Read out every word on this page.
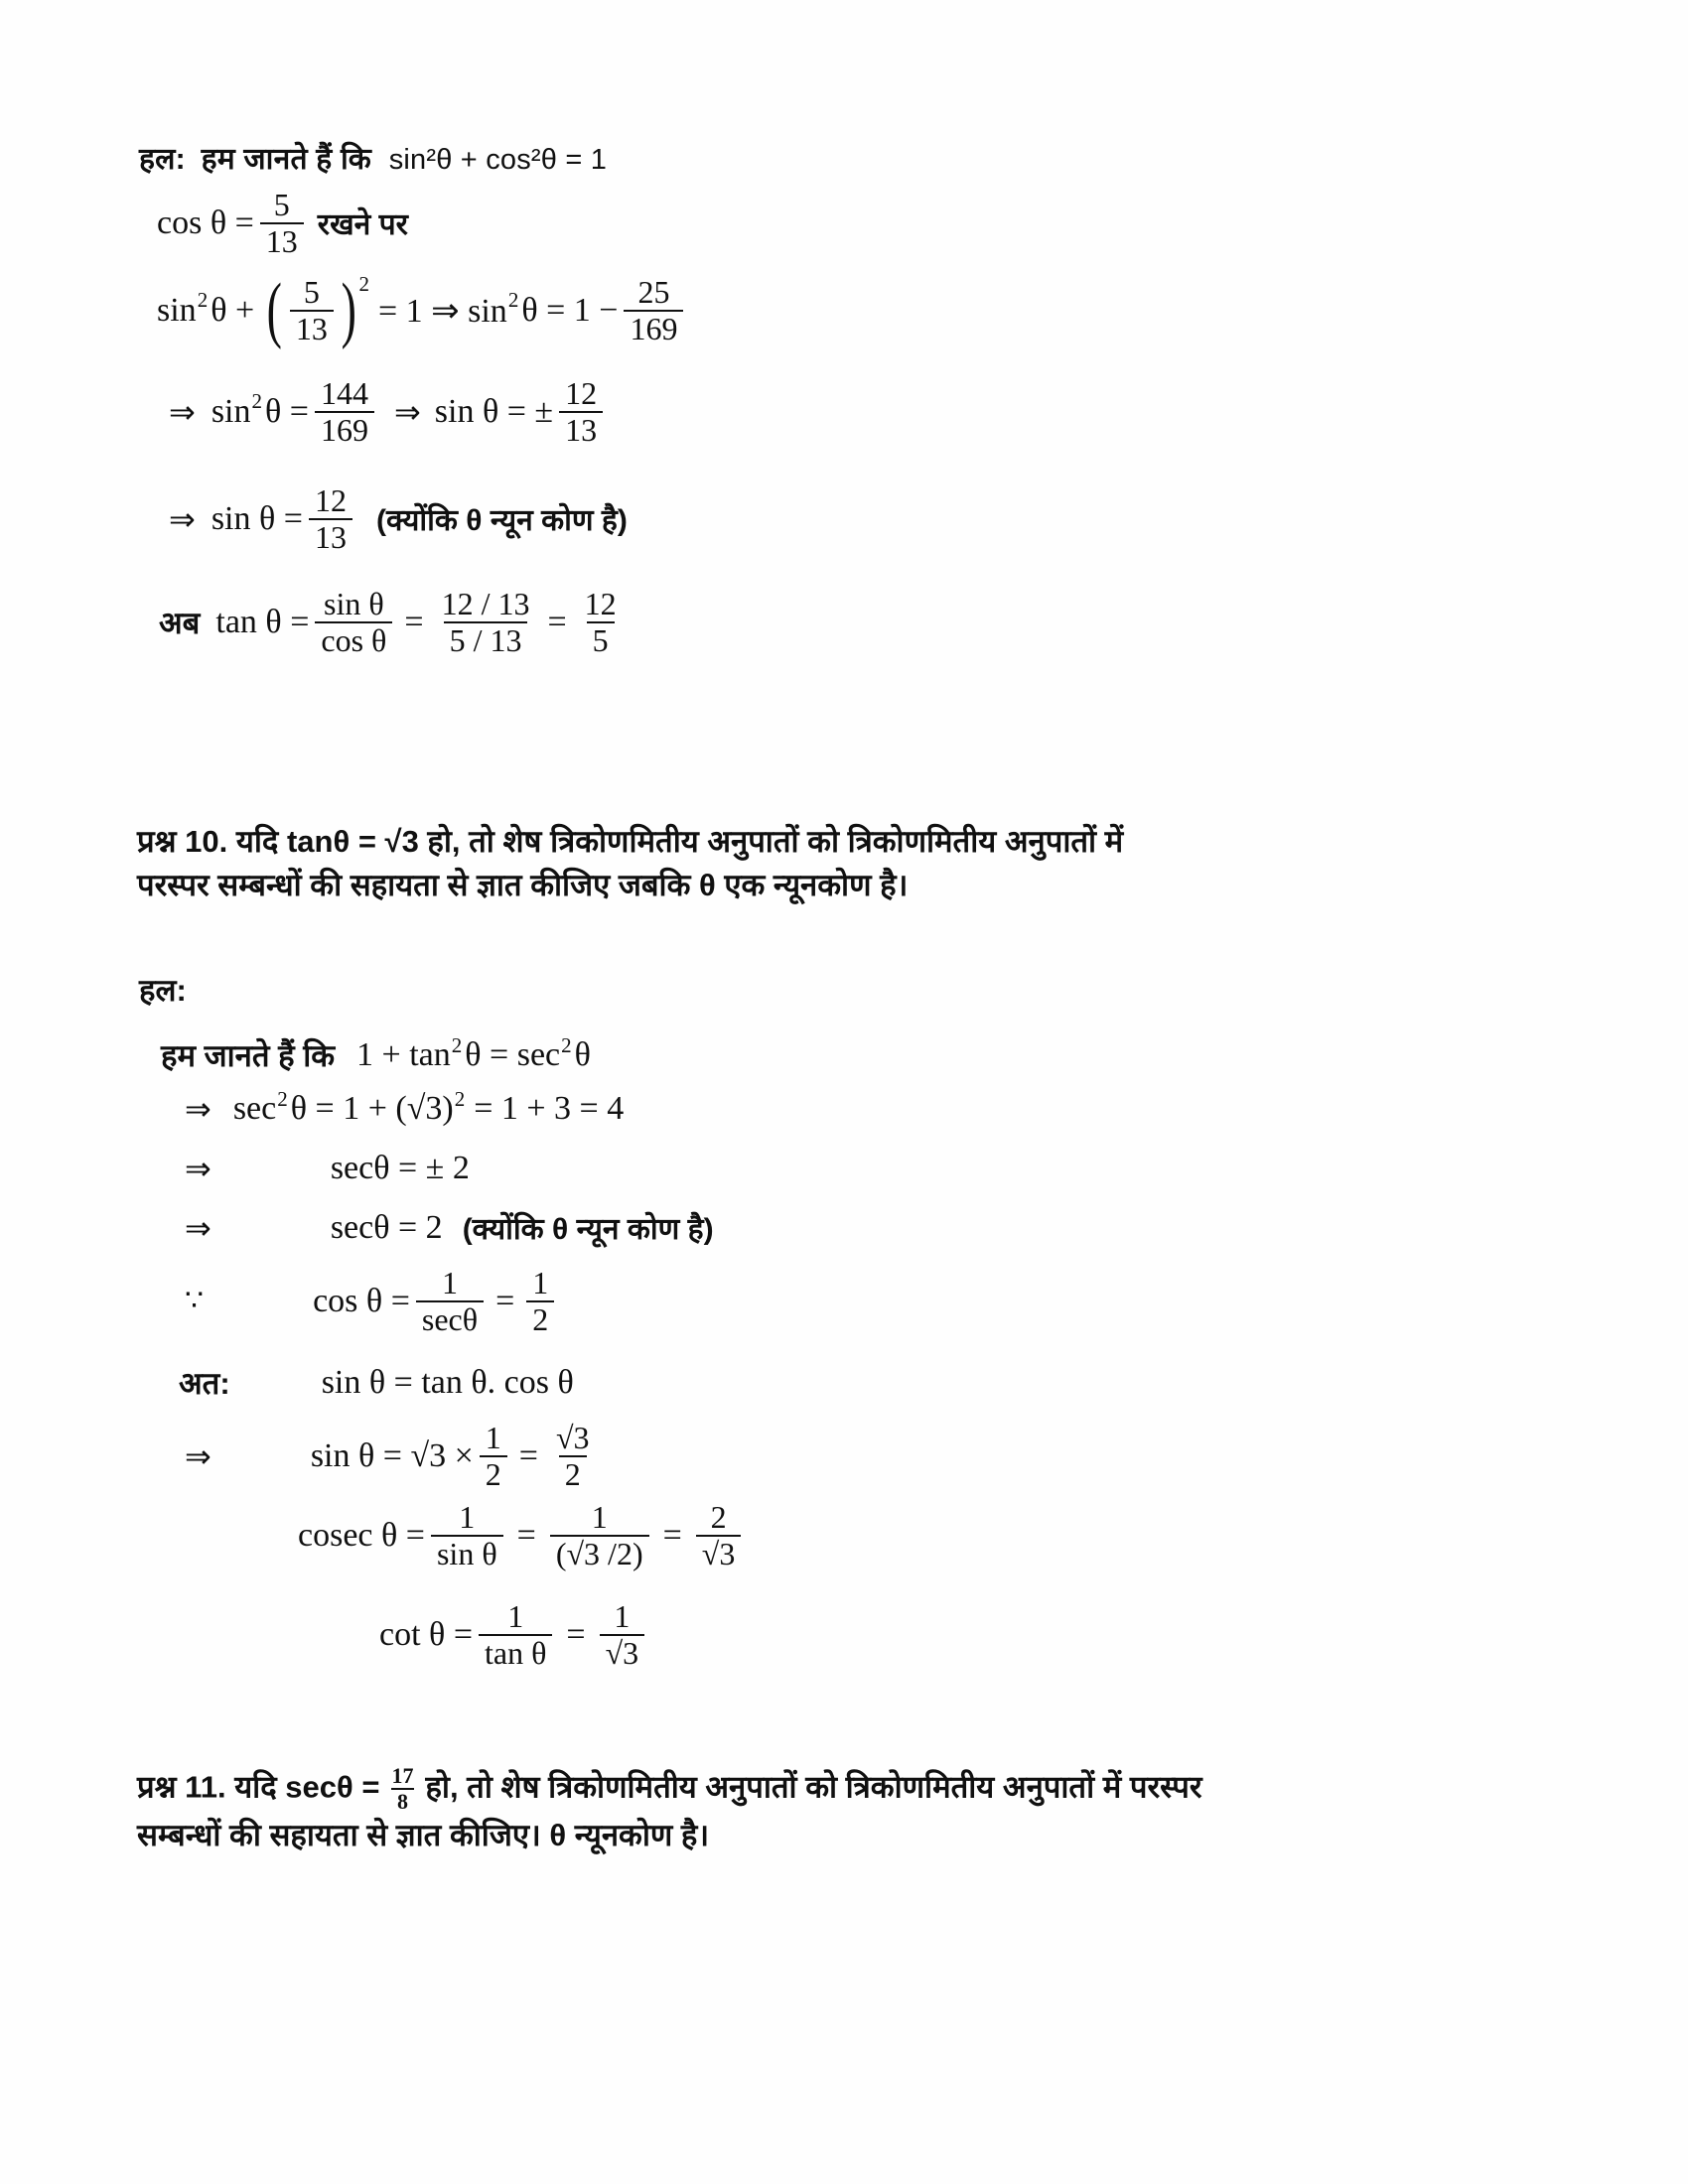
हल: हम जानते हैं कि sin²θ + cos²θ = 1
$\cos \theta = \frac{5}{13}$ रखने पर
sin 2 θ + ( $\frac{5}{13}$ ) 2
= 1 ⇒ sin 2 $\theta = 1 - \frac{25}{169}$
⇒ sin 2 $\theta = \frac{144}{169}$ ⇒ sin θ = ± $\frac{12}{13}$
⇒ $\sin \theta = \frac{12}{13}$ (क्योंकि θ न्यून कोण है)
अब $\tan \theta = \frac{\text{sin θ}}{\text{cos θ}} = \frac{12 / 13}{5 / 13} = \frac{12}{5}$
प्रश्न 10. यदि tanθ = √3 हो, तो शेष त्रिकोणमितीय अनुपातों को त्रिकोणमितीय अनुपातों में
परस्पर सम्बन्धों की सहायता से ज्ञात कीजिए जबकि θ एक न्यूनकोण है।
हल:
हम जानते हैं कि 1 + tan 2 θ = sec 2 θ
⇒ sec 2 θ = 1 + (√3) 2 = 1 + 3 = 4
⇒	secθ = ± 2
⇒	secθ = 2 (क्योंकि θ न्यून कोण है)
∵	$\cos \theta = \frac{1}{\sec\theta} = \frac{1}{2}$
अत:	sin θ = tan θ. cos θ
⇒	$\sin \theta = √3 \times \frac{1}{2} = \frac{√3}{2}$
cosec $\theta = \frac{1}{\text{sin θ}} = \frac{1}{(√3 /2)} = \frac{2}{√3}$
$\cot \theta = \frac{1}{\text{tan θ}} = \frac{1}{√3}$
प्रश्न 11. यदि $\sec\theta = \frac{17}{8}$ हो, तो शेष त्रिकोणमितीय अनुपातों को त्रिकोणमितीय अनुपातों में परस्पर
सम्बन्धों की सहायता से ज्ञात कीजिए। θ न्यूनकोण है।
